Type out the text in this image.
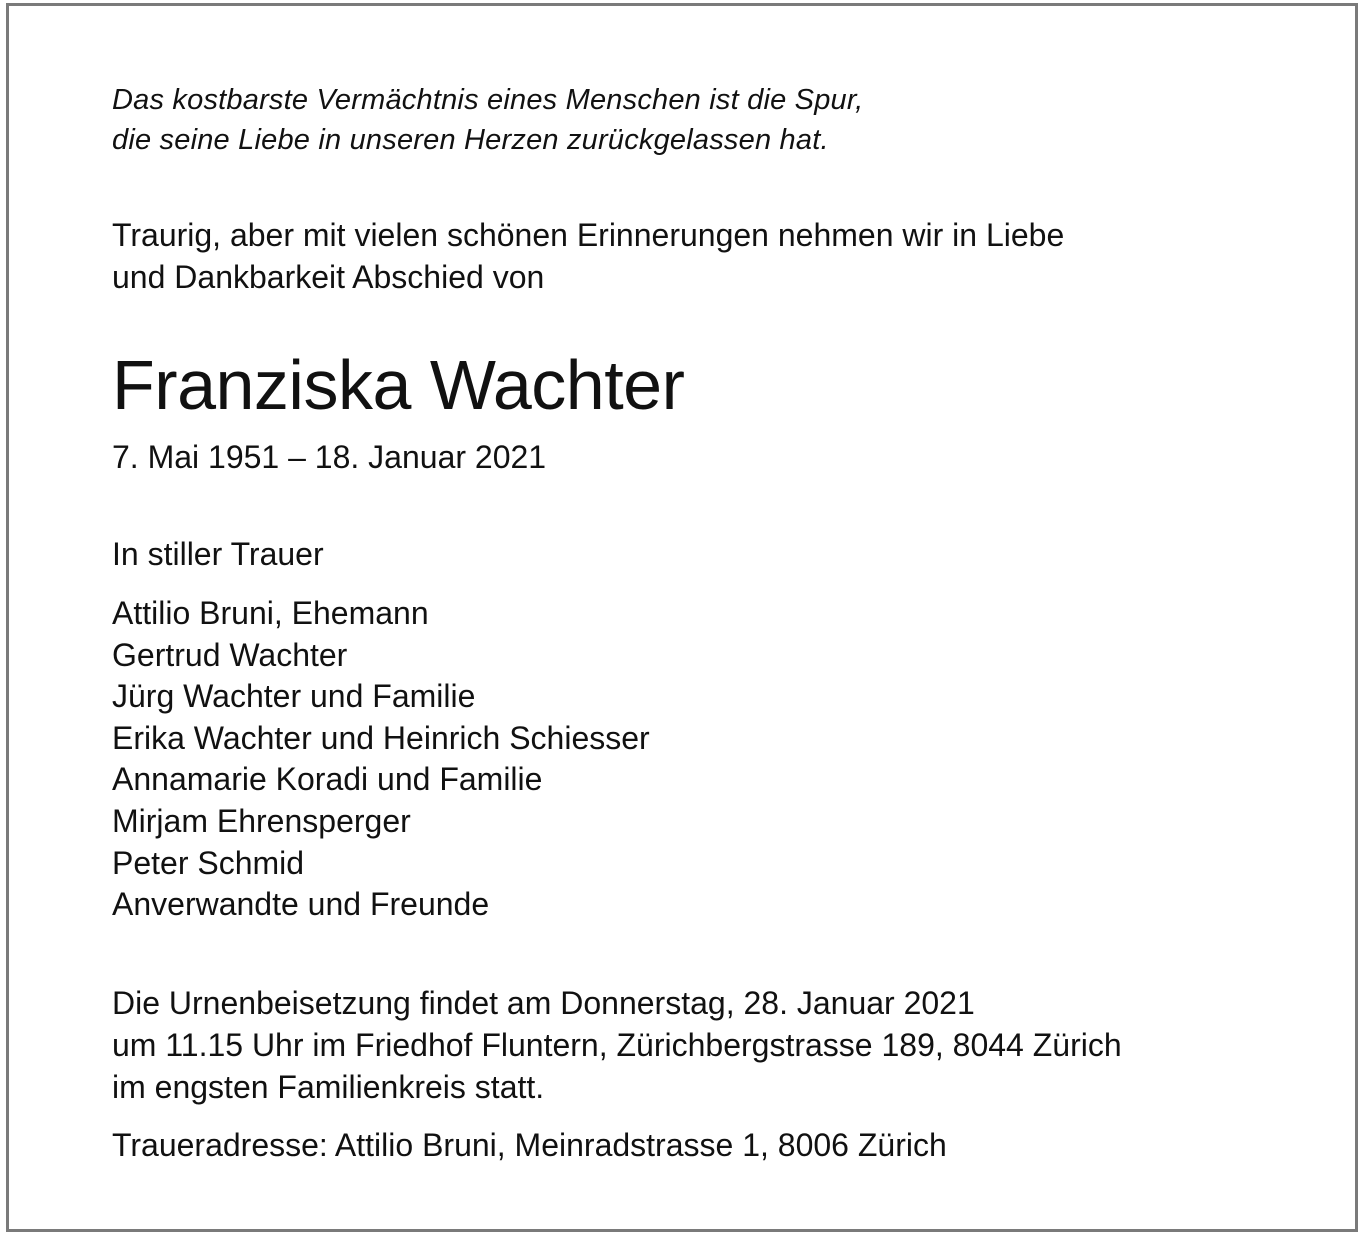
Das kostbarste Vermächtnis eines Menschen ist die Spur,
die seine Liebe in unseren Herzen zurückgelassen hat.
Traurig, aber mit vielen schönen Erinnerungen nehmen wir in Liebe
und Dankbarkeit Abschied von
Franziska Wachter
7. Mai 1951 – 18. Januar 2021
In stiller Trauer
Attilio Bruni, Ehemann
Gertrud Wachter
Jürg Wachter und Familie
Erika Wachter und Heinrich Schiesser
Annamarie Koradi und Familie
Mirjam Ehrensperger
Peter Schmid
Anverwandte und Freunde
Die Urnenbeisetzung findet am Donnerstag, 28. Januar 2021
um 11.15 Uhr im Friedhof Fluntern, Zürichbergstrasse 189, 8044 Zürich
im engsten Familienkreis statt.
Traueradresse: Attilio Bruni, Meinradstrasse 1, 8006 Zürich
